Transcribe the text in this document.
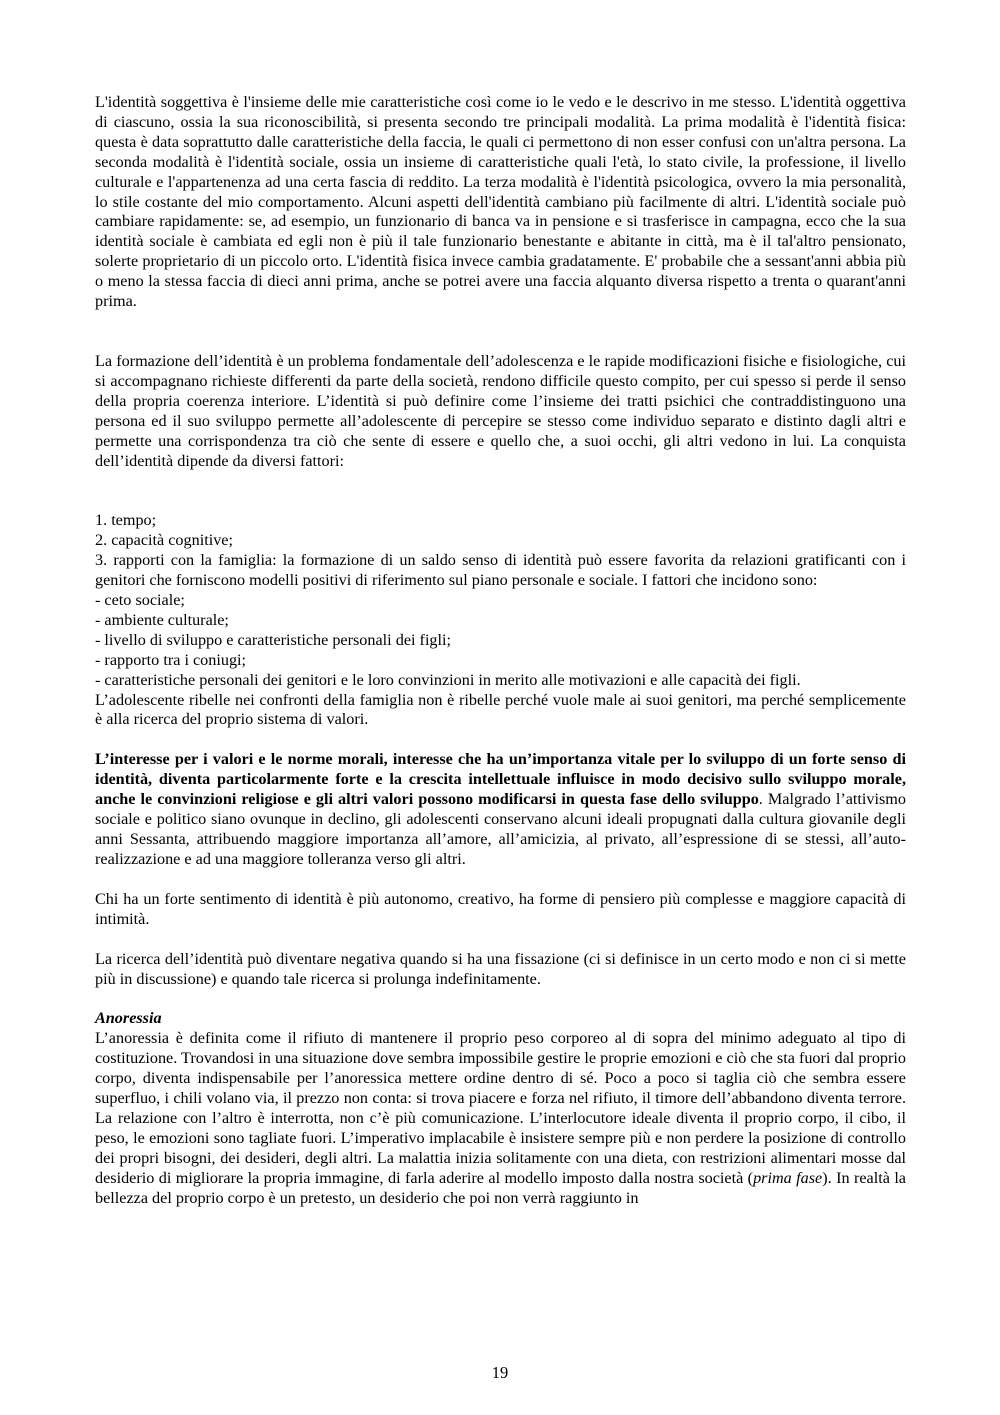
L'identità soggettiva è l'insieme delle mie caratteristiche così come io le vedo e le descrivo in me stesso. L'identità oggettiva di ciascuno, ossia la sua riconoscibilità, si presenta secondo tre principali modalità. La prima modalità è l'identità fisica: questa è data soprattutto dalle caratteristiche della faccia, le quali ci permettono di non esser confusi con un'altra persona. La seconda modalità è l'identità sociale, ossia un insieme di caratteristiche quali l'età, lo stato civile, la professione, il livello culturale e l'appartenenza ad una certa fascia di reddito. La terza modalità è l'identità psicologica, ovvero la mia personalità, lo stile costante del mio comportamento. Alcuni aspetti dell'identità cambiano più facilmente di altri. L'identità sociale può cambiare rapidamente: se, ad esempio, un funzionario di banca va in pensione e si trasferisce in campagna, ecco che la sua identità sociale è cambiata ed egli non è più il tale funzionario benestante e abitante in città, ma è il tal'altro pensionato, solerte proprietario di un piccolo orto. L'identità fisica invece cambia gradatamente. E' probabile che a sessant'anni abbia più o meno la stessa faccia di dieci anni prima, anche se potrei avere una faccia alquanto diversa rispetto a trenta o quarant'anni prima.

La formazione dell’identità è un problema fondamentale dell’adolescenza e le rapide modificazioni fisiche e fisiologiche, cui si accompagnano richieste differenti da parte della società, rendono difficile questo compito, per cui spesso si perde il senso della propria coerenza interiore. L’identità si può definire come l’insieme dei tratti psichici che contraddistinguono una persona ed il suo sviluppo permette all’adolescente di percepire se stesso come individuo separato e distinto dagli altri e permette una corrispondenza tra ciò che sente di essere e quello che, a suoi occhi, gli altri vedono in lui. La conquista dell’identità dipende da diversi fattori:

1. tempo;

2. capacità cognitive;

3. rapporti con la famiglia: la formazione di un saldo senso di identità può essere favorita da relazioni gratificanti con i genitori che forniscono modelli positivi di riferimento sul piano personale e sociale. I fattori che incidono sono:

- ceto sociale;

- ambiente culturale;

- livello di sviluppo e caratteristiche personali dei figli;

- rapporto tra i coniugi;

- caratteristiche personali dei genitori e le loro convinzioni in merito alle motivazioni e alle capacità dei figli.

L’adolescente ribelle nei confronti della famiglia non è ribelle perché vuole male ai suoi genitori, ma perché semplicemente è alla ricerca del proprio sistema di valori.

L’interesse per i valori e le norme morali, interesse che ha un’importanza vitale per lo sviluppo di un forte senso di identità, diventa particolarmente forte e la crescita intellettuale influisce in modo decisivo sullo sviluppo morale, anche le convinzioni religiose e gli altri valori possono modificarsi in questa fase dello sviluppo. Malgrado l’attivismo sociale e politico siano ovunque in declino, gli adolescenti conservano alcuni ideali propugnati dalla cultura giovanile degli anni Sessanta, attribuendo maggiore importanza all’amore, all’amicizia, al privato, all’espressione di se stessi, all’auto-realizzazione e ad una maggiore tolleranza verso gli altri.

Chi ha un forte sentimento di identità è più autonomo, creativo, ha forme di pensiero più complesse e maggiore capacità di intimità.

La ricerca dell’identità può diventare negativa quando si ha una fissazione (ci si definisce in un certo modo e non ci si mette più in discussione) e quando tale ricerca si prolunga indefinitamente.

Anoressia

L’anoressia è definita come il rifiuto di mantenere il proprio peso corporeo al di sopra del minimo adeguato al tipo di costituzione. Trovandosi in una situazione dove sembra impossibile gestire le proprie emozioni e ciò che sta fuori dal proprio corpo, diventa indispensabile per l’anoressica mettere ordine dentro di sé. Poco a poco si taglia ciò che sembra essere superfluo, i chili volano via, il prezzo non conta: si trova piacere e forza nel rifiuto, il timore dell’abbandono diventa terrore. La relazione con l’altro è interrotta, non c’è più comunicazione. L’interlocutore ideale diventa il proprio corpo, il cibo, il peso, le emozioni sono tagliate fuori. L’imperativo implacabile è insistere sempre più e non perdere la posizione di controllo dei propri bisogni, dei desideri, degli altri. La malattia inizia solitamente con una dieta, con restrizioni alimentari mosse dal desiderio di migliorare la propria immagine, di farla aderire al modello imposto dalla nostra società (prima fase). In realtà la bellezza del proprio corpo è un pretesto, un desiderio che poi non verrà raggiunto in

19
